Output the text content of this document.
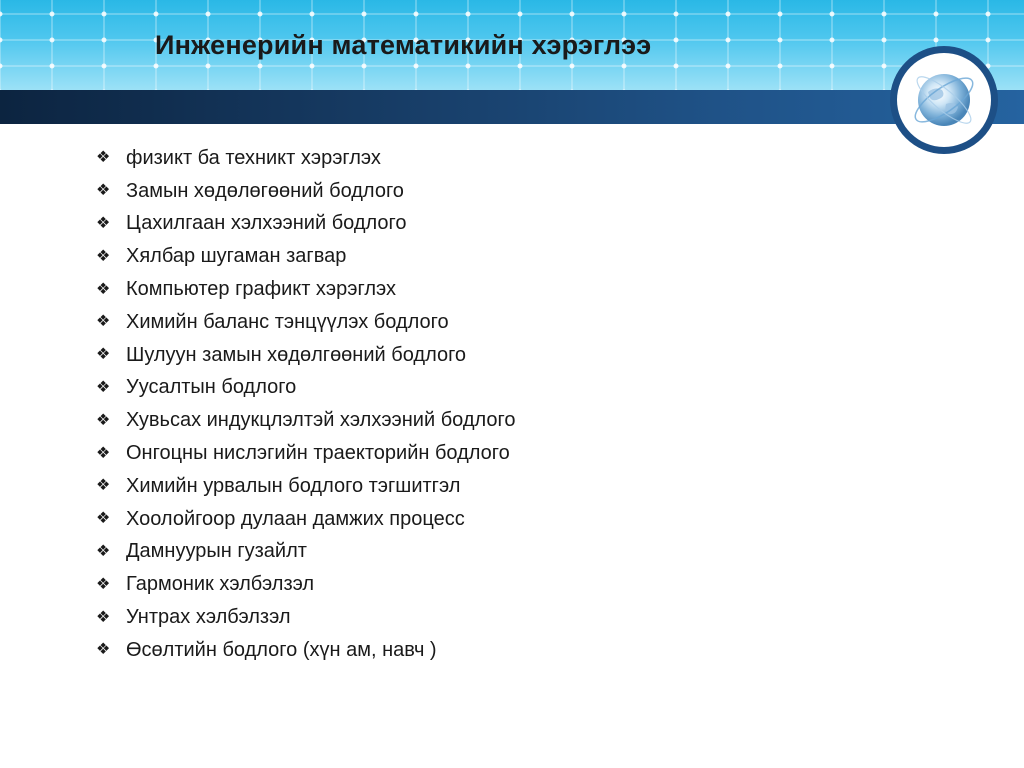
Инженерийн математикийн хэрэглээ
❖ физикт ба техникт хэрэглэх
❖ Замын хөдөлөгөөний бодлого
❖ Цахилгаан хэлхээний бодлого
❖ Хялбар шугаман загвар
❖ Компьютер графикт хэрэглэх
❖ Химийн баланс тэнцүүлэх бодлого
❖ Шулуун замын хөдөлгөөний бодлого
❖ Уусалтын бодлого
❖ Хувьсах индукцлэлтэй хэлхээний бодлого
❖ Онгоцны нислэгийн траекторийн бодлого
❖ Химийн урвалын бодлого тэгшитгэл
❖ Хоолойгоор дулаан дамжих процесс
❖ Дамнуурын гузайлт
❖ Гармоник хэлбэлзэл
❖ Унтрах хэлбэлзэл
❖ Өсөлтийн бодлого (хүн ам, навч )
